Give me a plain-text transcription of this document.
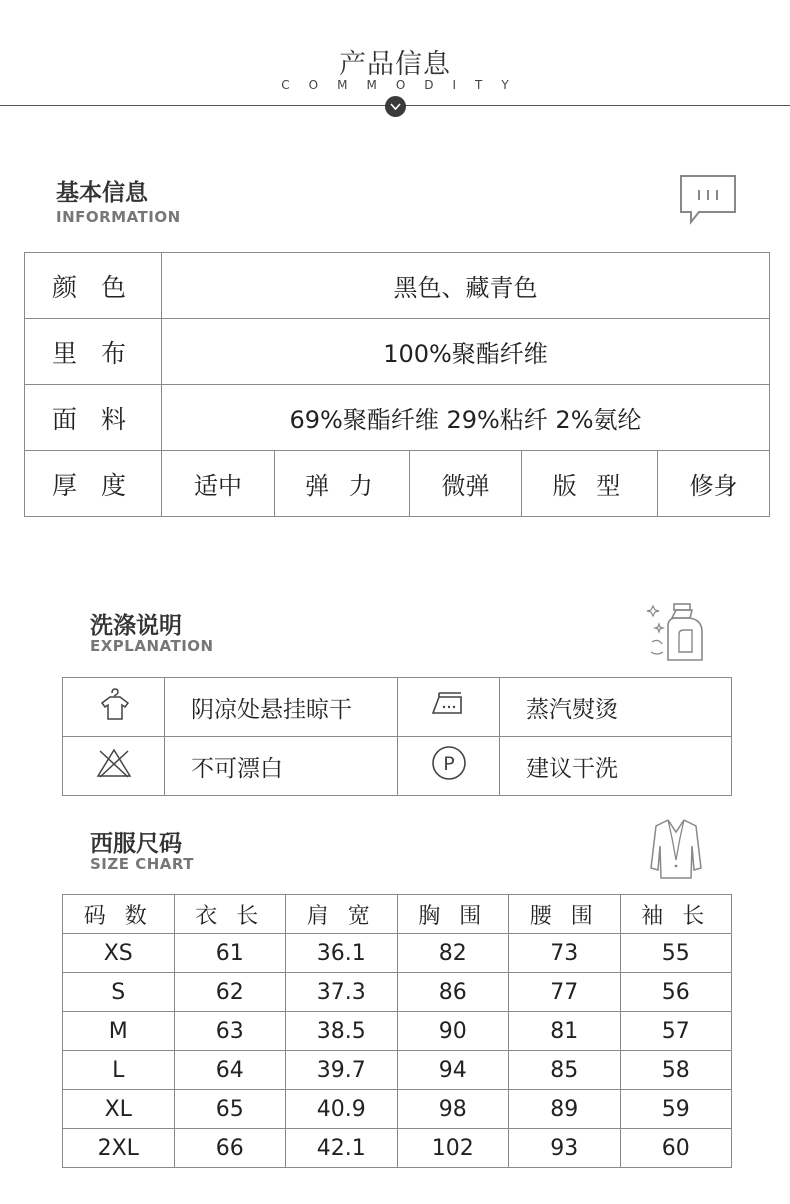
产品信息
COMMODITY
基本信息
INFORMATION
颜 色	黑色、藏青色				
里 布	100%聚酯纤维				
面 料	69%聚酯纤维 29%粘纤 2%氨纶				
厚 度	适中	弹 力	微弹	版 型	修身
洗涤说明
EXPLANATION
	阴凉处悬挂晾干		蒸汽熨烫
	不可漂白	P	建议干洗
西服尺码
SIZE CHART
码 数	衣 长	肩 宽	胸 围	腰 围	袖 长
XS	61	36.1	82	73	55
S	62	37.3	86	77	56
M	63	38.5	90	81	57
L	64	39.7	94	85	58
XL	65	40.9	98	89	59
2XL	66	42.1	102	93	60
